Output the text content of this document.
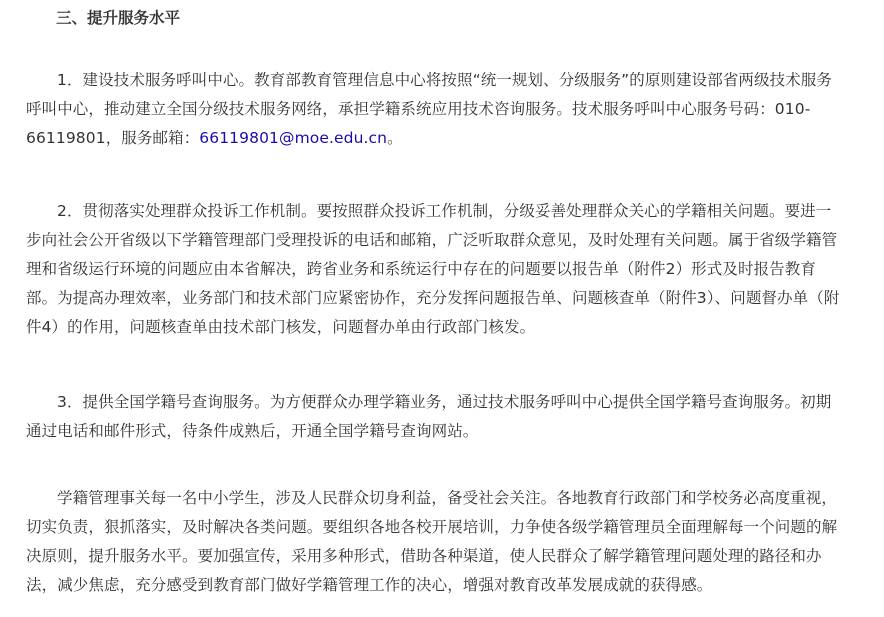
三、提升服务水平

1．建设技术服务呼叫中心。教育部教育管理信息中心将按照“统一规划、分级服务”的原则建设部省两级技术服务呼叫中心，推动建立全国分级技术服务网络，承担学籍系统应用技术咨询服务。技术服务呼叫中心服务号码：010-66119801，服务邮箱：66119801@moe.edu.cn。

2．贯彻落实处理群众投诉工作机制。要按照群众投诉工作机制，分级妥善处理群众关心的学籍相关问题。要进一步向社会公开省级以下学籍管理部门受理投诉的电话和邮箱，广泛听取群众意见，及时处理有关问题。属于省级学籍管理和省级运行环境的问题应由本省解决，跨省业务和系统运行中存在的问题要以报告单（附件2）形式及时报告教育部。为提高办理效率，业务部门和技术部门应紧密协作，充分发挥问题报告单、问题核查单（附件3）、问题督办单（附件4）的作用，问题核查单由技术部门核发，问题督办单由行政部门核发。

3．提供全国学籍号查询服务。为方便群众办理学籍业务，通过技术服务呼叫中心提供全国学籍号查询服务。初期通过电话和邮件形式，待条件成熟后，开通全国学籍号查询网站。

学籍管理事关每一名中小学生，涉及人民群众切身利益，备受社会关注。各地教育行政部门和学校务必高度重视，切实负责，狠抓落实，及时解决各类问题。要组织各地各校开展培训，力争使各级学籍管理员全面理解每一个问题的解决原则，提升服务水平。要加强宣传，采用多种形式，借助各种渠道，使人民群众了解学籍管理问题处理的路径和办法，减少焦虑，充分感受到教育部门做好学籍管理工作的决心，增强对教育改革发展成就的获得感。
